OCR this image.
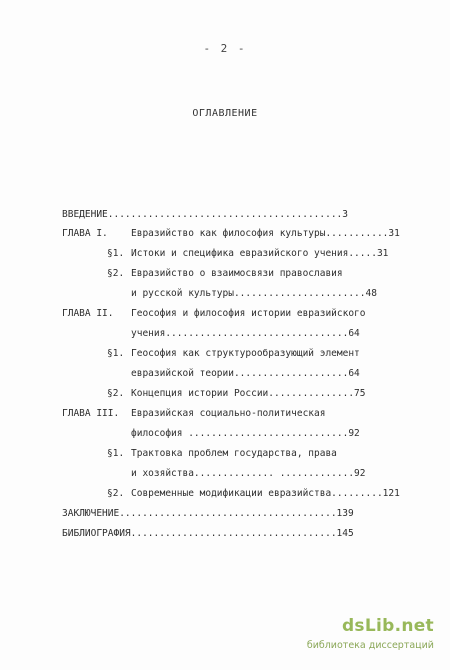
- 2 -
ОГЛАВЛЕНИЕ
ВВЕДЕНИЕ.........................................3
ГЛАВА I. Евразийство как философия культуры...........31
§1. Истоки и специфика евразийского учения.....31
§2. Евразийство о взаимосвязи православия
и русской культуры.......................48
ГЛАВА II. Геософия и философия истории евразийского
учения................................64
§1. Геософия как структурообразующий элемент
евразийской теории....................64
§2. Концепция истории России...............75
ГЛАВА III. Евразийская социально-политическая
философия ............................92
§1. Трактовка проблем государства, права
и хозяйства.............. .............92
§2. Современные модификации евразийства.........121
ЗАКЛЮЧЕНИЕ......................................139
БИБЛИОГРАФИЯ....................................145
dsLib.net
библиотека диссертаций
